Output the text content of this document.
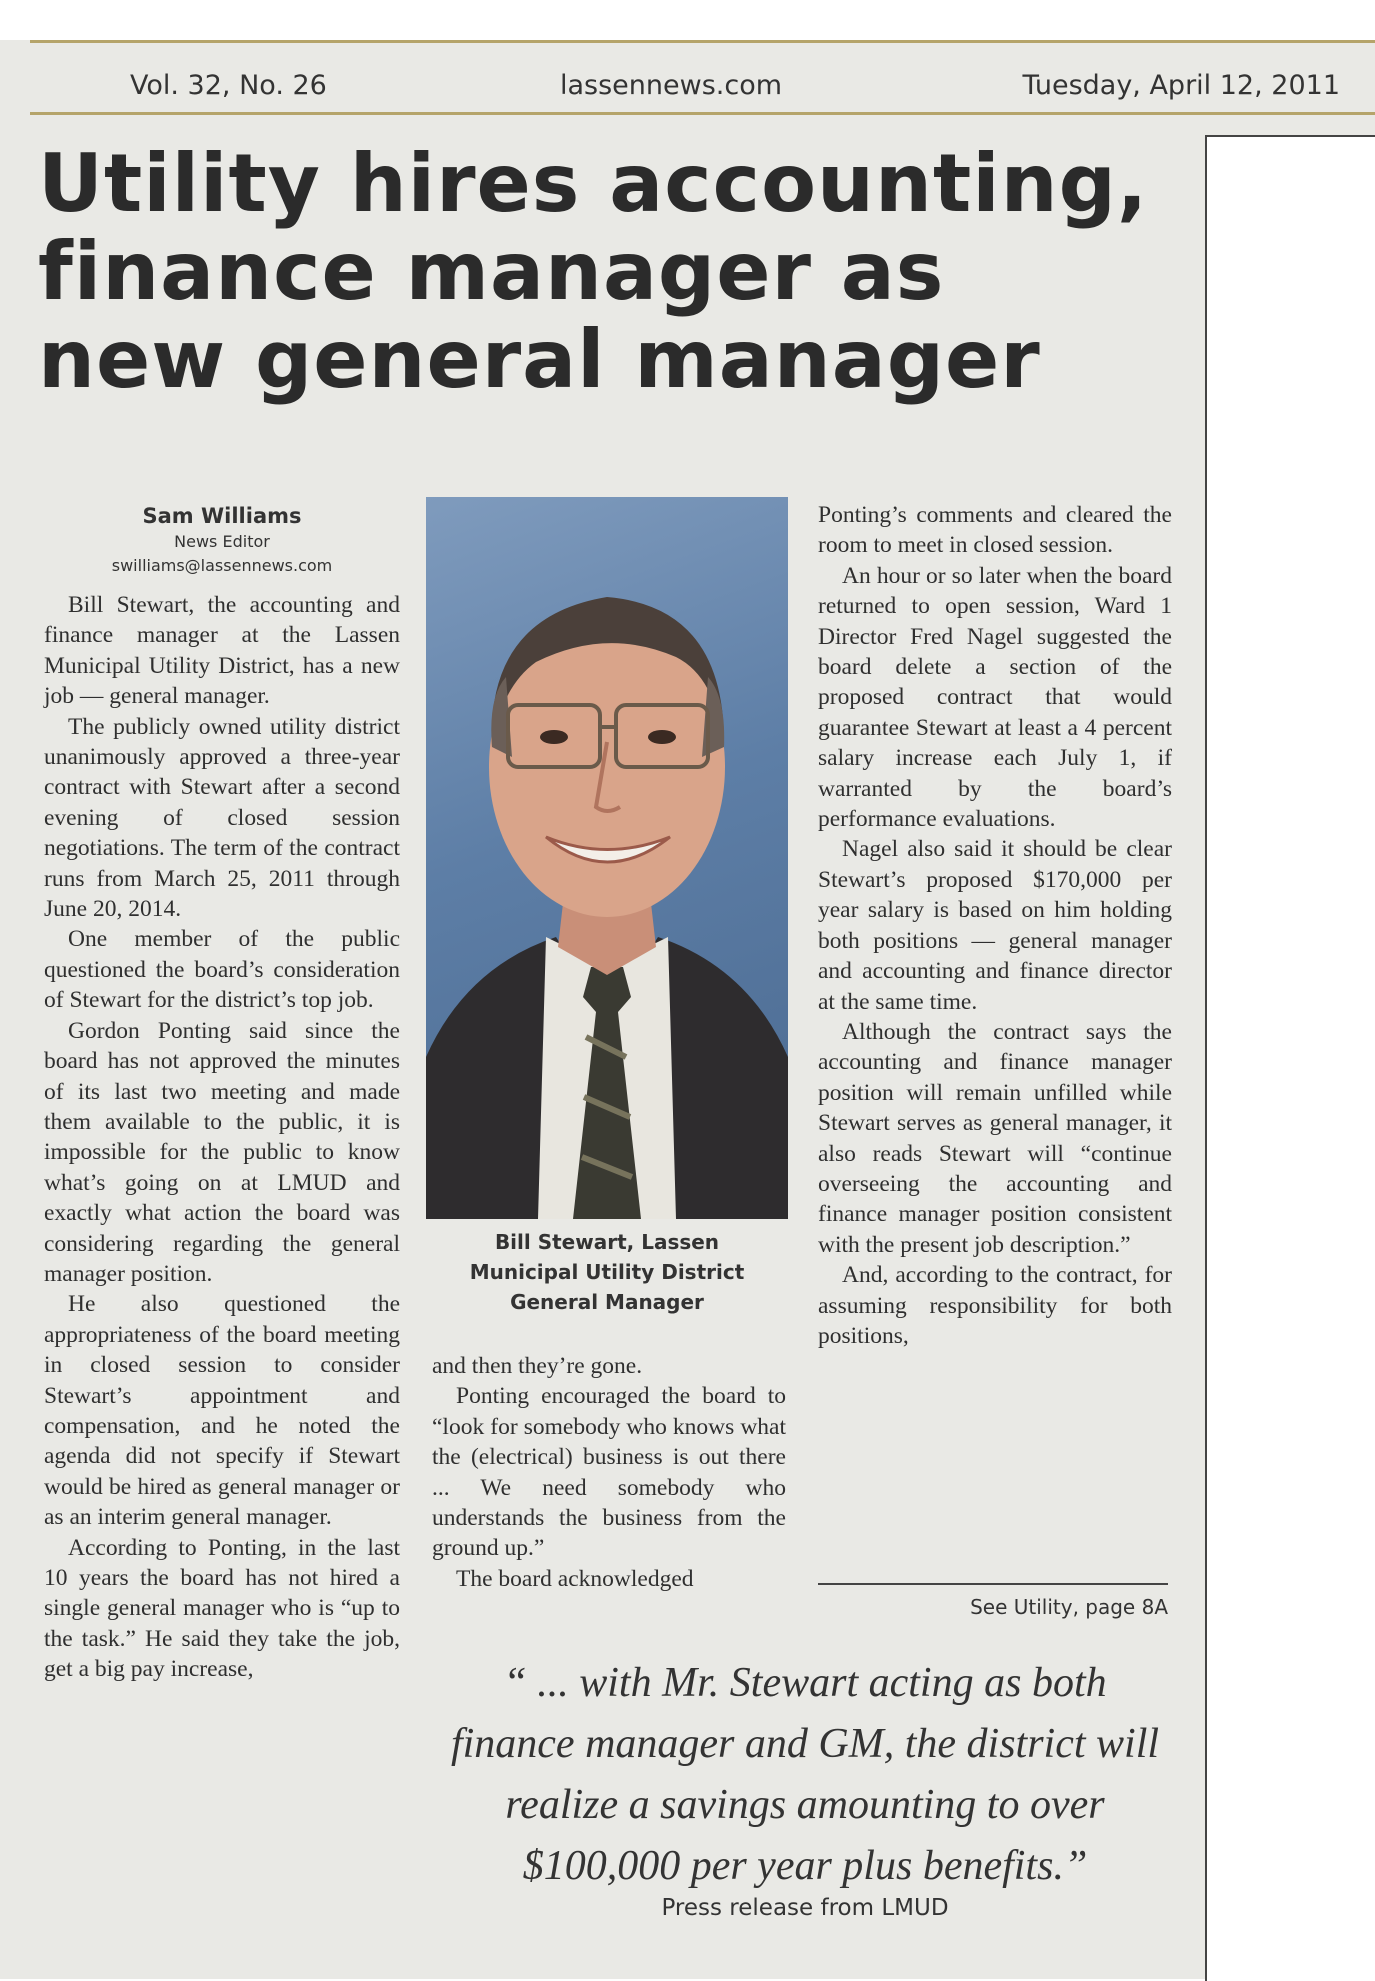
Vol. 32, No. 26	lassennews.com	Tuesday, April 12, 2011
Utility hires accounting,
finance manager as
new general manager
Sam Williams
News Editor
swilliams@lassennews.com

Bill Stewart, the accounting and finance manager at the Lassen Municipal Utility District, has a new job — general manager.

The publicly owned utility district unanimously approved a three-year contract with Stewart after a second evening of closed session negotiations. The term of the contract runs from March 25, 2011 through June 20, 2014.

One member of the public questioned the board’s consideration of Stewart for the district’s top job.

Gordon Ponting said since the board has not approved the minutes of its last two meeting and made them available to the public, it is impossible for the public to know what’s going on at LMUD and exactly what action the board was considering regarding the general manager position.

He also questioned the appropriateness of the board meeting in closed session to consider Stewart’s appointment and compensation, and he noted the agenda did not specify if Stewart would be hired as general manager or as an interim general manager.

According to Ponting, in the last 10 years the board has not hired a single general manager who is “up to the task.” He said they take the job, get a big pay increase,

Bill Stewart, Lassen
Municipal Utility District
General Manager

and then they’re gone.

Ponting encouraged the board to “look for somebody who knows what the (electrical) business is out there ... We need somebody who understands the business from the ground up.”

The board acknowledged

Ponting’s comments and cleared the room to meet in closed session.

An hour or so later when the board returned to open session, Ward 1 Director Fred Nagel suggested the board delete a section of the proposed contract that would guarantee Stewart at least a 4 percent salary increase each July 1, if warranted by the board’s performance evaluations.

Nagel also said it should be clear Stewart’s proposed $170,000 per year salary is based on him holding both positions — general manager and accounting and finance director at the same time.

Although the contract says the accounting and finance manager position will remain unfilled while Stewart serves as general manager, it also reads Stewart will “continue overseeing the accounting and finance manager position consistent with the present job description.”

And, according to the contract, for assuming responsibility for both positions,

See Utility, page 8A
“ ... with Mr. Stewart acting as both
finance manager and GM, the district will
realize a savings amounting to over
$100,000 per year plus benefits.”
Press release from LMUD
